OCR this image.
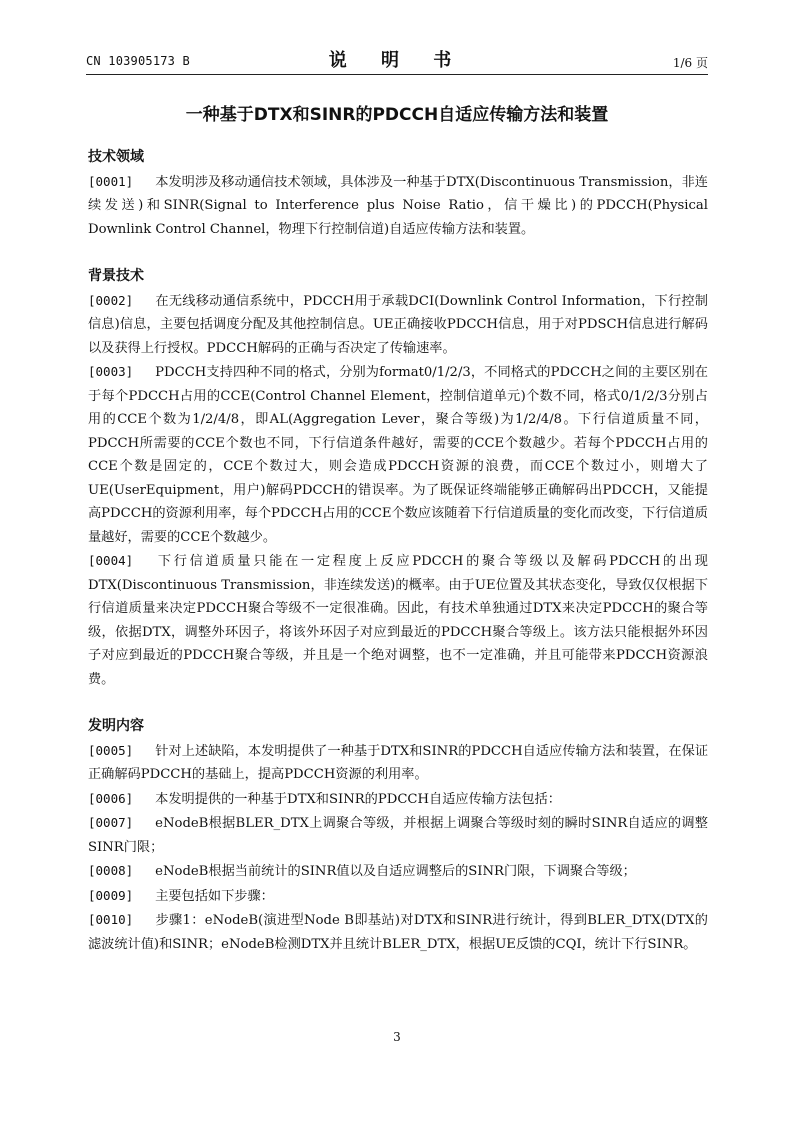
CN 103905173 B	说 明 书	1/6 页
一种基于DTX和SINR的PDCCH自适应传输方法和装置
技术领域
[0001] 本发明涉及移动通信技术领域，具体涉及一种基于DTX(Discontinuous Transmission，非连续发送)和SINR(Signal to Interference plus Noise Ratio，信干燥比)的PDCCH(Physical Downlink Control Channel，物理下行控制信道)自适应传输方法和装置。
背景技术
[0002] 在无线移动通信系统中，PDCCH用于承载DCI(Downlink Control Information，下行控制信息)信息，主要包括调度分配及其他控制信息。UE正确接收PDCCH信息，用于对PDSCH信息进行解码以及获得上行授权。PDCCH解码的正确与否决定了传输速率。
[0003] PDCCH支持四种不同的格式，分别为format0/1/2/3，不同格式的PDCCH之间的主要区别在于每个PDCCH占用的CCE(Control Channel Element，控制信道单元)个数不同，格式0/1/2/3分别占用的CCE个数为1/2/4/8，即AL(Aggregation Lever，聚合等级)为1/2/4/8。下行信道质量不同，PDCCH所需要的CCE个数也不同，下行信道条件越好，需要的CCE个数越少。若每个PDCCH占用的CCE个数是固定的，CCE个数过大，则会造成PDCCH资源的浪费，而CCE个数过小，则增大了UE(UserEquipment，用户)解码PDCCH的错误率。为了既保证终端能够正确解码出PDCCH，又能提高PDCCH的资源利用率，每个PDCCH占用的CCE个数应该随着下行信道质量的变化而改变，下行信道质量越好，需要的CCE个数越少。
[0004] 下行信道质量只能在一定程度上反应PDCCH的聚合等级以及解码PDCCH的出现DTX(Discontinuous Transmission，非连续发送)的概率。由于UE位置及其状态变化，导致仅仅根据下行信道质量来决定PDCCH聚合等级不一定很准确。因此，有技术单独通过DTX来决定PDCCH的聚合等级，依据DTX，调整外环因子，将该外环因子对应到最近的PDCCH聚合等级上。该方法只能根据外环因子对应到最近的PDCCH聚合等级，并且是一个绝对调整，也不一定准确，并且可能带来PDCCH资源浪费。
发明内容
[0005] 针对上述缺陷，本发明提供了一种基于DTX和SINR的PDCCH自适应传输方法和装置，在保证正确解码PDCCH的基础上，提高PDCCH资源的利用率。
[0006] 本发明提供的一种基于DTX和SINR的PDCCH自适应传输方法包括：
[0007] eNodeB根据BLER_DTX上调聚合等级，并根据上调聚合等级时刻的瞬时SINR自适应的调整SINR门限；
[0008] eNodeB根据当前统计的SINR值以及自适应调整后的SINR门限，下调聚合等级；
[0009] 主要包括如下步骤：
[0010] 步骤1：eNodeB(演进型Node B即基站)对DTX和SINR进行统计，得到BLER_DTX(DTX的滤波统计值)和SINR；eNodeB检测DTX并且统计BLER_DTX，根据UE反馈的CQI，统计下行SINR。
3
